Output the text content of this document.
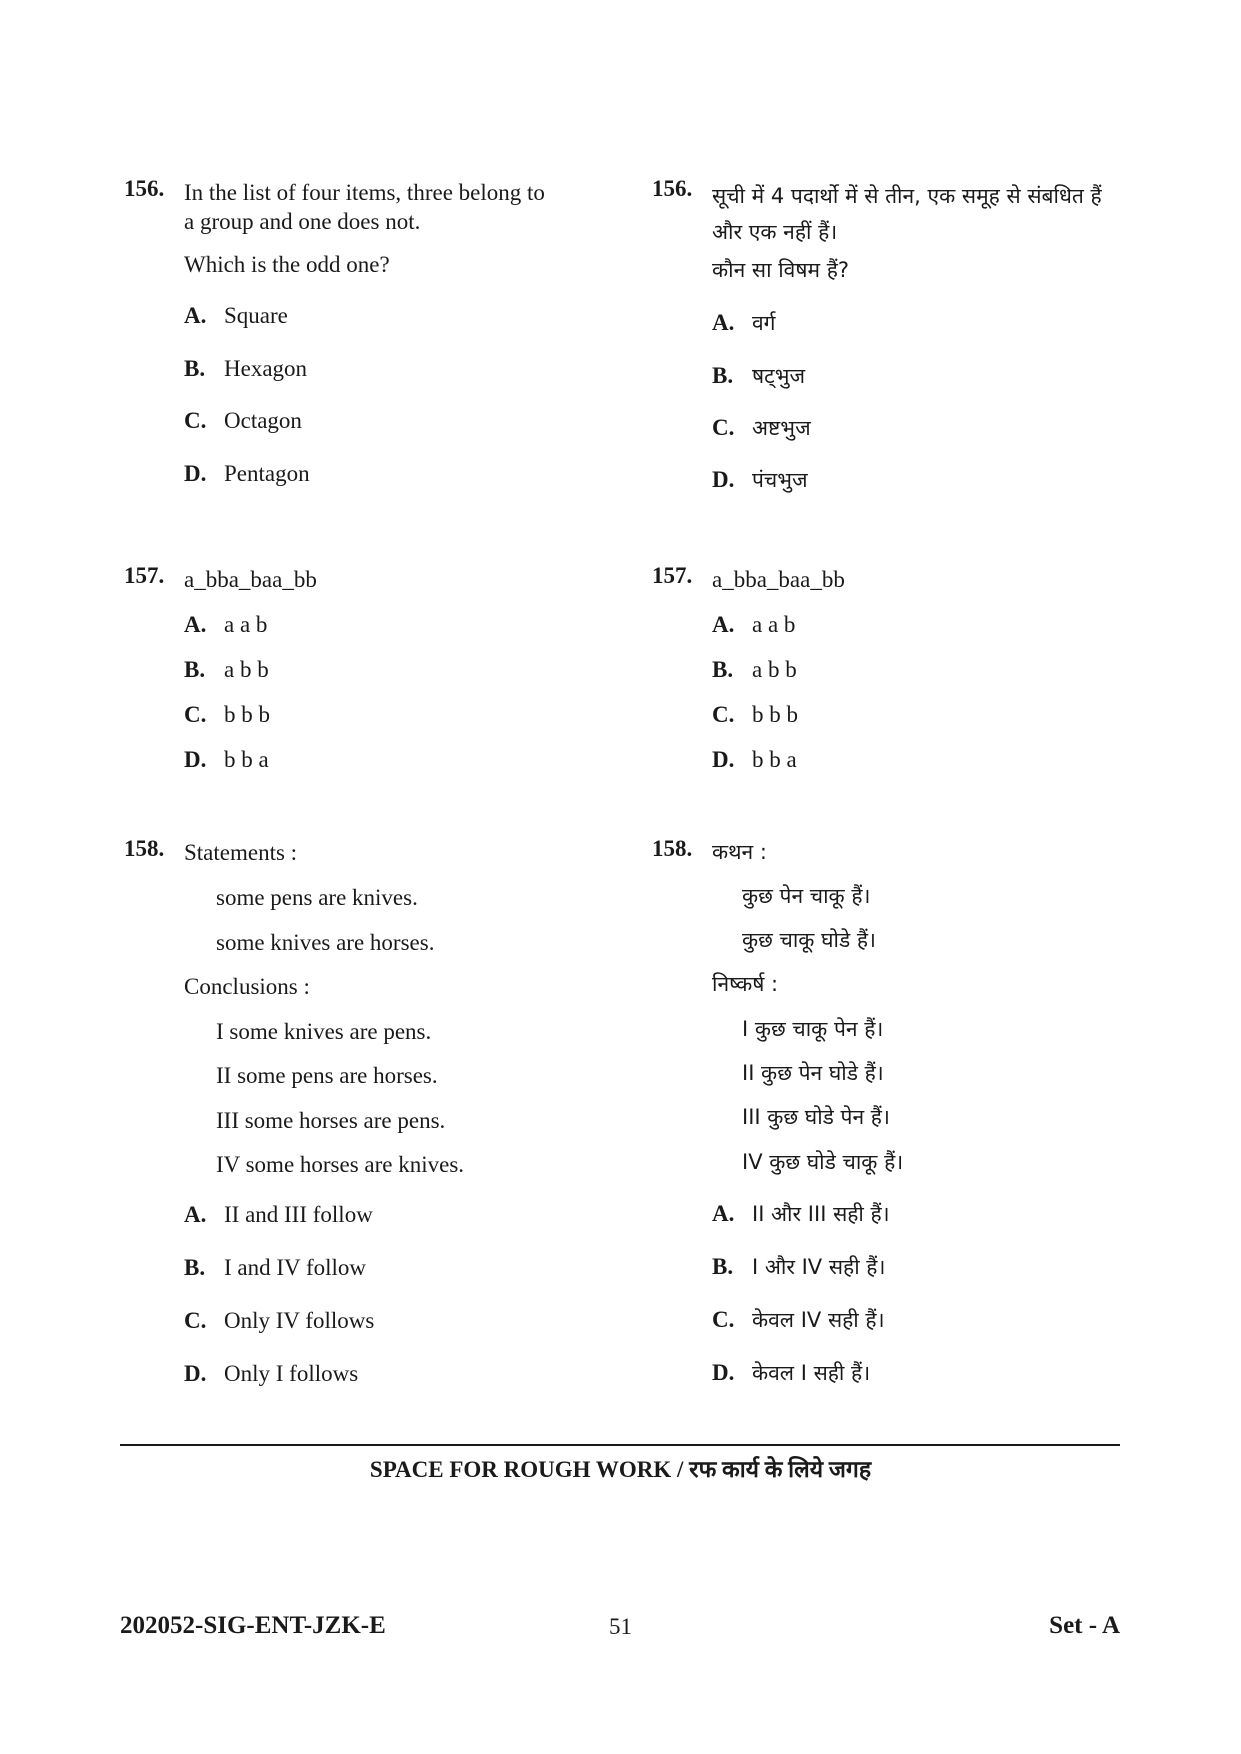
156. In the list of four items, three belong to
a group and one does not.
Which is the odd one?
A. Square
B. Hexagon
C. Octagon
D. Pentagon
156. सूची में 4 पदार्थो में से तीन, एक समूह से संबधित हैं
और एक नहीं हैं।
कौन सा विषम हैं?
A. वर्ग
B. षट्भुज
C. अष्टभुज
D. पंचभुज
157. a_bba_baa_bb
A. a a b
B. a b b
C. b b b
D. b b a
157. a_bba_baa_bb
A. a a b
B. a b b
C. b b b
D. b b a
158. Statements :
some pens are knives.
some knives are horses.
Conclusions :
I some knives are pens.
II some pens are horses.
III some horses are pens.
IV some horses are knives.
A. II and III follow
B. I and IV follow
C. Only IV follows
D. Only I follows
158. कथन :
कुछ पेन चाकू हैं।
कुछ चाकू घोडे हैं।
निष्कर्ष :
I कुछ चाकू पेन हैं।
II कुछ पेन घोडे हैं।
III कुछ घोडे पेन हैं।
IV कुछ घोडे चाकू हैं।
A. II और III सही हैं।
B. I और IV सही हैं।
C. केवल IV सही हैं।
D. केवल I सही हैं।
SPACE FOR ROUGH WORK / रफ कार्य के लिये जगह
202052-SIG-ENT-JZK-E	51	Set - A
